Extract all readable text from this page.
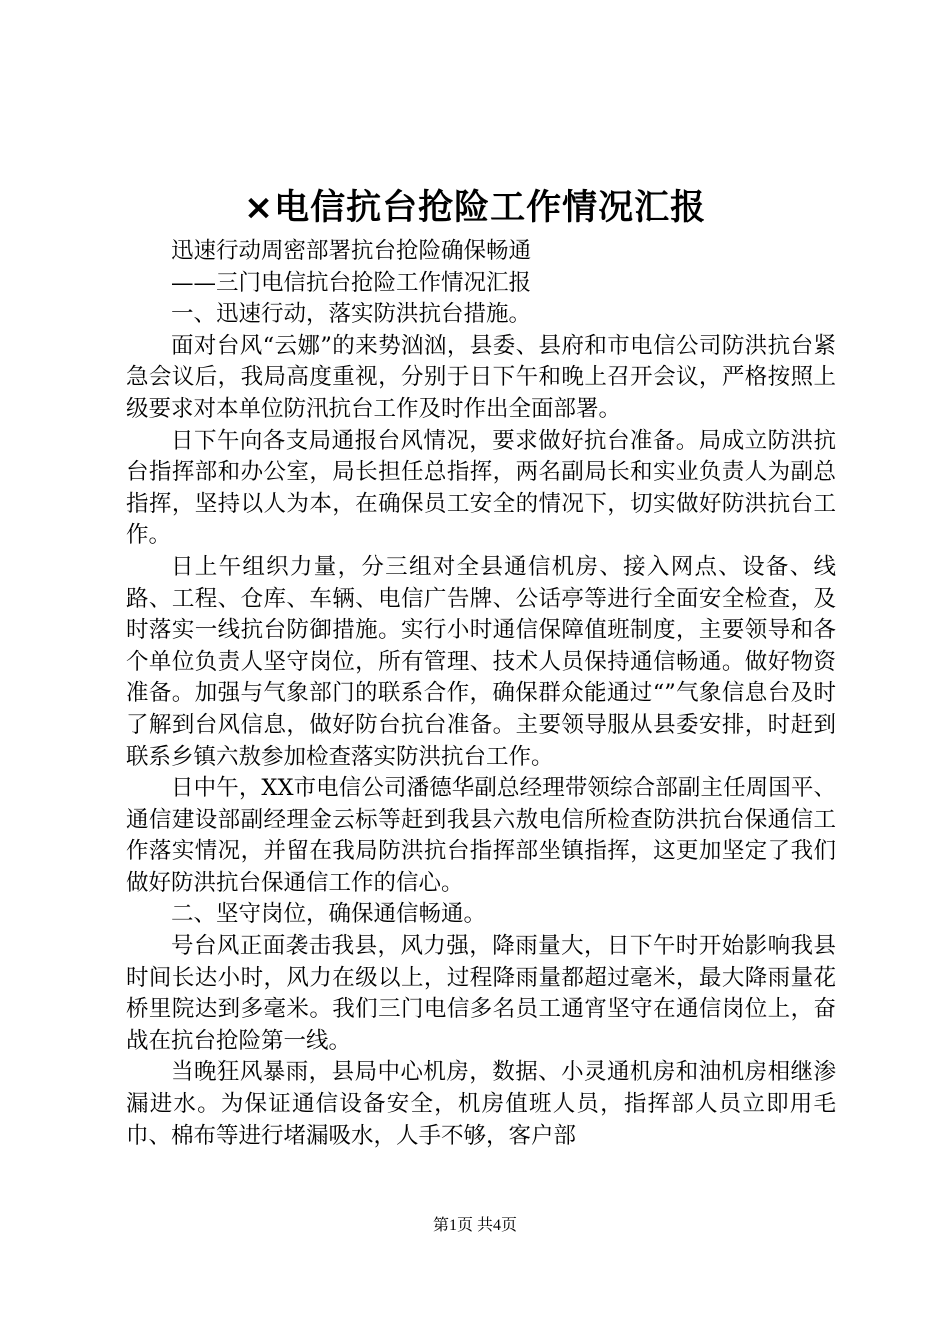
×电信抗台抢险工作情况汇报

迅速行动周密部署抗台抢险确保畅通

——三门电信抗台抢险工作情况汇报

一、迅速行动，落实防洪抗台措施。

面对台风“云娜”的来势汹汹，县委、县府和市电信公司防洪抗台紧急会议后，我局高度重视，分别于日下午和晚上召开会议，严格按照上级要求对本单位防汛抗台工作及时作出全面部署。

日下午向各支局通报台风情况，要求做好抗台准备。局成立防洪抗台指挥部和办公室，局长担任总指挥，两名副局长和实业负责人为副总指挥，坚持以人为本，在确保员工安全的情况下，切实做好防洪抗台工作。

日上午组织力量，分三组对全县通信机房、接入网点、设备、线路、工程、仓库、车辆、电信广告牌、公话亭等进行全面安全检查，及时落实一线抗台防御措施。实行小时通信保障值班制度，主要领导和各个单位负责人坚守岗位，所有管理、技术人员保持通信畅通。做好物资准备。加强与气象部门的联系合作，确保群众能通过“”气象信息台及时了解到台风信息，做好防台抗台准备。主要领导服从县委安排，时赶到联系乡镇六敖参加检查落实防洪抗台工作。

日中午，XX市电信公司潘德华副总经理带领综合部副主任周国平、通信建设部副经理金云标等赶到我县六敖电信所检查防洪抗台保通信工作落实情况，并留在我局防洪抗台指挥部坐镇指挥，这更加坚定了我们做好防洪抗台保通信工作的信心。

二、坚守岗位，确保通信畅通。

号台风正面袭击我县，风力强，降雨量大，日下午时开始影响我县时间长达小时，风力在级以上，过程降雨量都超过毫米，最大降雨量花桥里院达到多毫米。我们三门电信多名员工通宵坚守在通信岗位上，奋战在抗台抢险第一线。

当晚狂风暴雨，县局中心机房，数据、小灵通机房和油机房相继渗漏进水。为保证通信设备安全，机房值班人员，指挥部人员立即用毛巾、棉布等进行堵漏吸水，人手不够，客户部

第1页 共4页
